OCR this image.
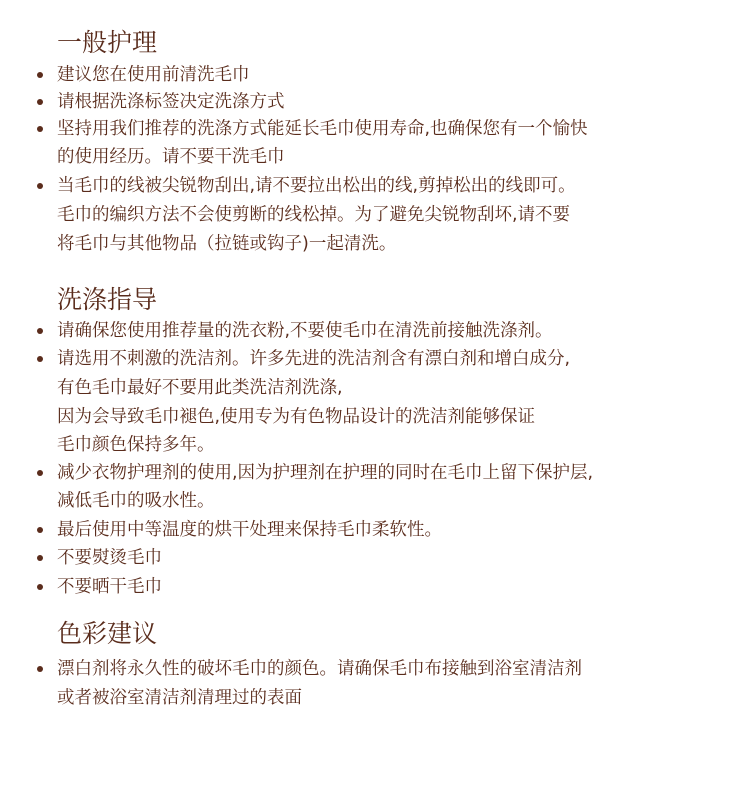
一般护理
建议您在使用前清洗毛巾
请根据洗涤标签决定洗涤方式
坚持用我们推荐的洗涤方式能延长毛巾使用寿命,也确保您有一个愉快
的使用经历。请不要干洗毛巾
当毛巾的线被尖锐物刮出,请不要拉出松出的线,剪掉松出的线即可。
毛巾的编织方法不会使剪断的线松掉。为了避免尖锐物刮坏,请不要
将毛巾与其他物品（拉链或钩子)一起清洗。
洗涤指导
请确保您使用推荐量的洗衣粉,不要使毛巾在清洗前接触洗涤剂。
请选用不刺激的洗洁剂。许多先进的洗洁剂含有漂白剂和增白成分,
有色毛巾最好不要用此类洗洁剂洗涤,
因为会导致毛巾褪色,使用专为有色物品设计的洗洁剂能够保证
毛巾颜色保持多年。
减少衣物护理剂的使用,因为护理剂在护理的同时在毛巾上留下保护层,
减低毛巾的吸水性。
最后使用中等温度的烘干处理来保持毛巾柔软性。
不要熨烫毛巾
不要晒干毛巾
色彩建议
漂白剂将永久性的破坏毛巾的颜色。请确保毛巾布接触到浴室清洁剂
或者被浴室清洁剂清理过的表面
